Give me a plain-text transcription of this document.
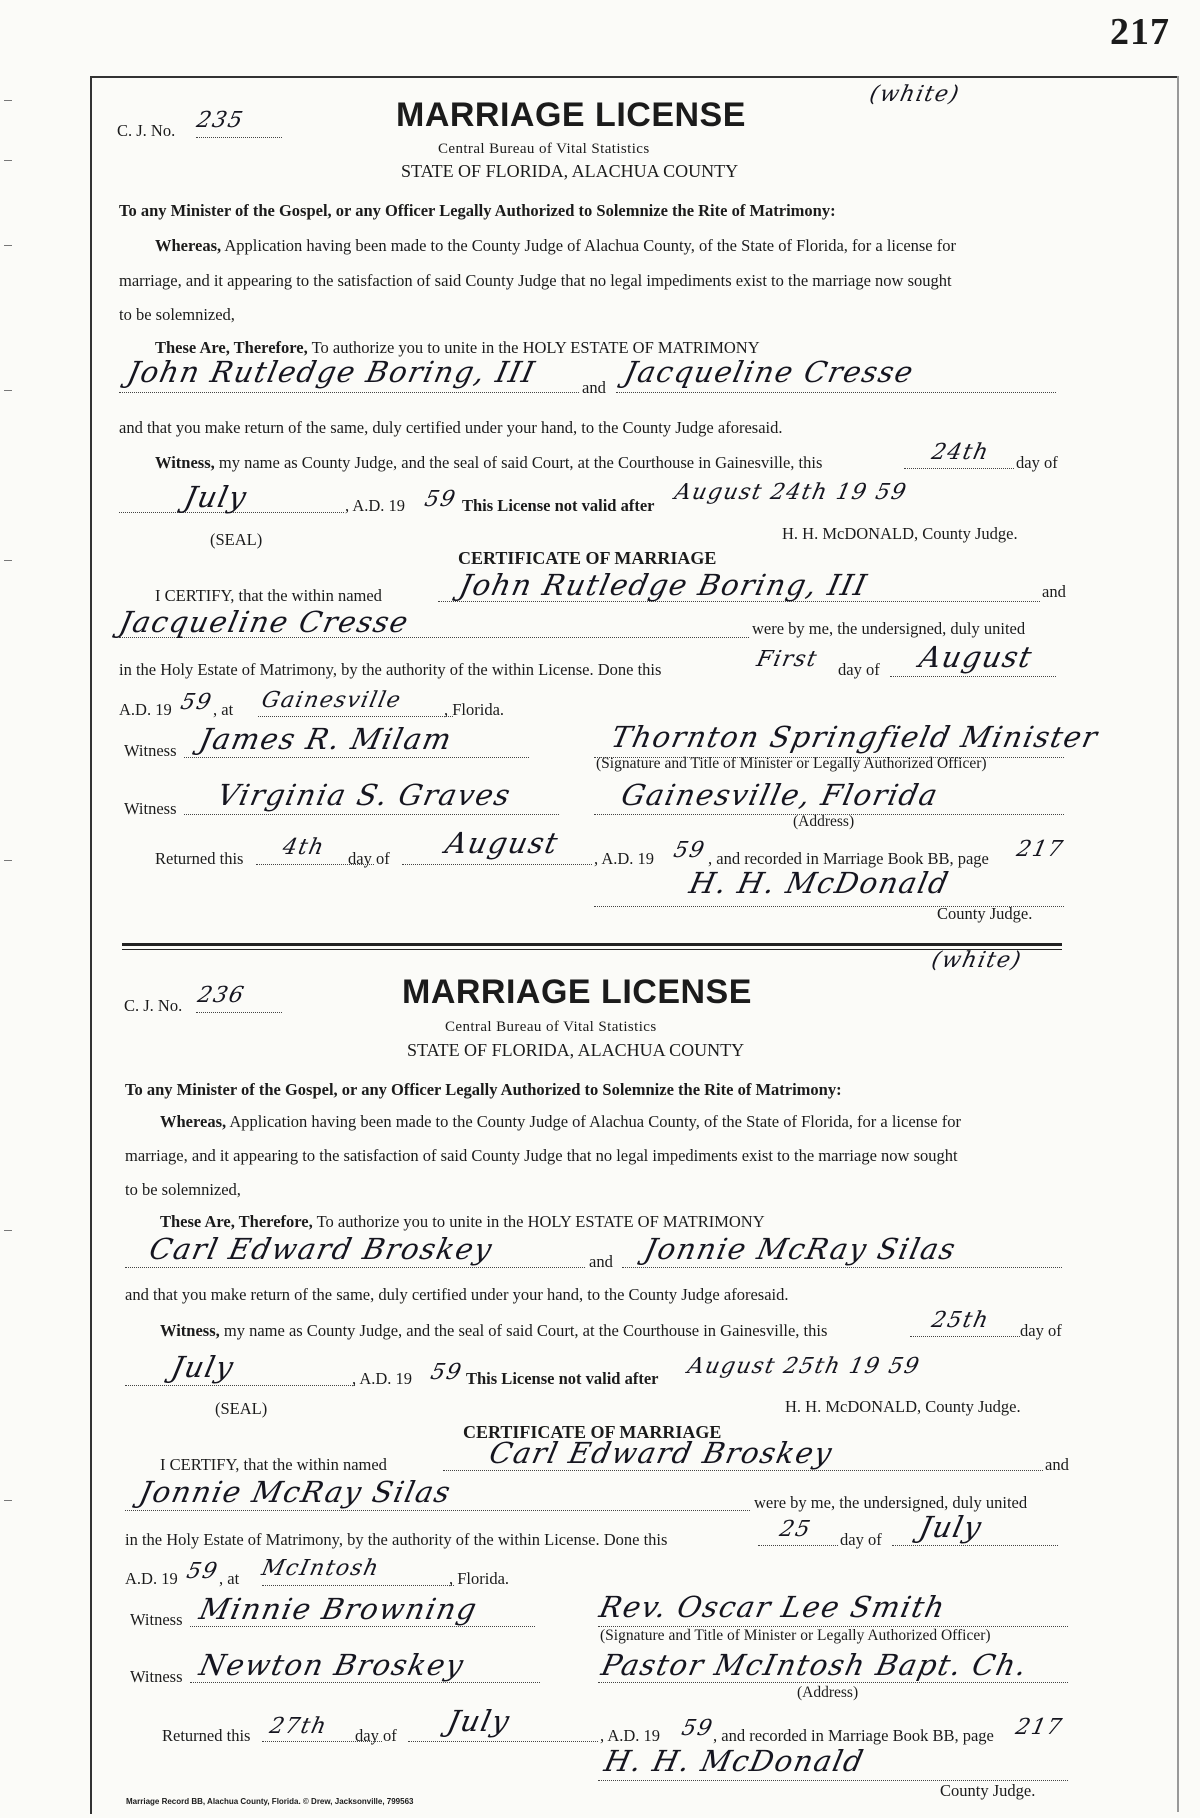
217
(white)
C. J. No. 235	MARRIAGE LICENSE
Central Bureau of Vital Statistics
STATE OF FLORIDA, ALACHUA COUNTY
To any Minister of the Gospel, or any Officer Legally Authorized to Solemnize the Rite of Matrimony:
Whereas, Application having been made to the County Judge of Alachua County, of the State of Florida, for a license for
marriage, and it appearing to the satisfaction of said County Judge that no legal impediments exist to the marriage now sought
to be solemnized,
These Are, Therefore, To authorize you to unite in the HOLY ESTATE OF MATRIMONY
John Rutledge Boring, III	and Jacqueline Cresse
and that you make return of the same, duly certified under your hand, to the County Judge aforesaid.
Witness, my name as County Judge, and the seal of said Court, at the Courthouse in Gainesville, this	24th day of
July	, A.D. 19 59 This License not valid after
August 24th 19 59
(SEAL)	H. H. McDONALD, County Judge.
CERTIFICATE OF MARRIAGE
I CERTIFY, that the within named	John Rutledge Boring, III	and
Jacqueline Cresse	were by me, the undersigned, duly united
in the Holy Estate of Matrimony, by the authority of the within License. Done this	First day of August
A.D. 19 59
, at Gainesville , Florida.
Witness James R. Milam	Thornton Springfield Minister
(Signature and Title of Minister or Legally Authorized Officer)
Witness Virginia S. Graves	Gainesville, Florida
(Address)
Returned this 4th day of August , A.D. 19 59 , and recorded in Marriage Book BB, page 217
H. H. McDonald
County Judge.
(white)
C. J. No. 236	MARRIAGE LICENSE
Central Bureau of Vital Statistics
STATE OF FLORIDA, ALACHUA COUNTY
To any Minister of the Gospel, or any Officer Legally Authorized to Solemnize the Rite of Matrimony:
Whereas, Application having been made to the County Judge of Alachua County, of the State of Florida, for a license for
marriage, and it appearing to the satisfaction of said County Judge that no legal impediments exist to the marriage now sought
to be solemnized,
These Are, Therefore, To authorize you to unite in the HOLY ESTATE OF MATRIMONY
Carl Edward Broskey	and Jonnie McRay Silas
and that you make return of the same, duly certified under your hand, to the County Judge aforesaid.
Witness, my name as County Judge, and the seal of said Court, at the Courthouse in Gainesville, this	25th day of
July	, A.D. 19 59 This License not valid after August 25th 19 59
(SEAL)	H. H. McDONALD, County Judge.
CERTIFICATE OF MARRIAGE
I CERTIFY, that the within named	Carl Edward Broskey	and
Jonnie McRay Silas	were by me, the undersigned, duly united
in the Holy Estate of Matrimony, by the authority of the within License. Done this	25 day of July
A.D. 19 59
, at McIntosh	, Florida.
Witness Minnie Browning	Rev. Oscar Lee Smith
(Signature and Title of Minister or Legally Authorized Officer)
Witness Newton Broskey	Pastor McIntosh Bapt. Ch.
(Address)
Returned this 27th day of July	, A.D. 19 59
, and recorded in Marriage Book BB, page 217
H. H. McDonald
County Judge.
Marriage Record BB, Alachua County, Florida. © Drew, Jacksonville, 799563
